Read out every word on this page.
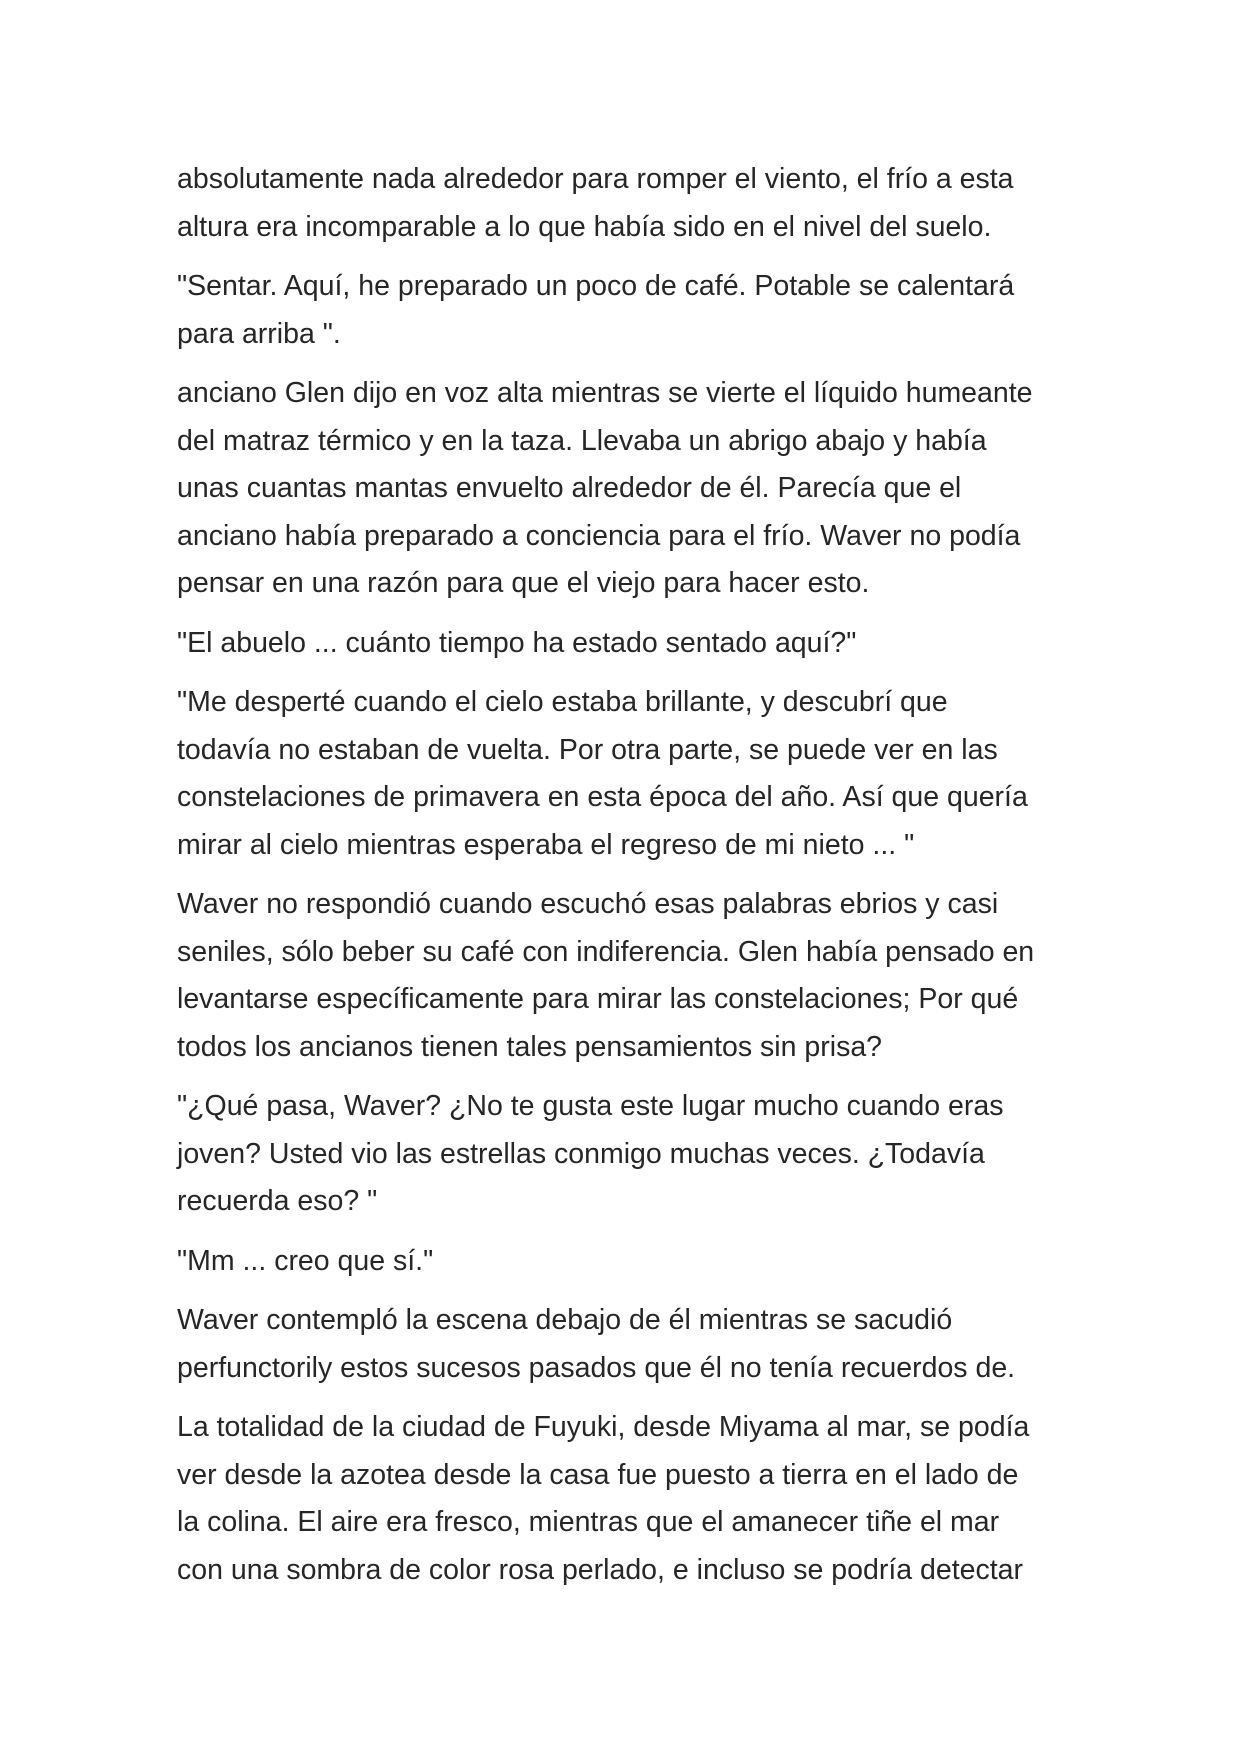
absolutamente nada alrededor para romper el viento, el frío a esta
altura era incomparable a lo que había sido en el nivel del suelo.

"Sentar. Aquí, he preparado un poco de café. Potable se calentará
para arriba ".

anciano Glen dijo en voz alta mientras se vierte el líquido humeante
del matraz térmico y en la taza. Llevaba un abrigo abajo y había
unas cuantas mantas envuelto alrededor de él. Parecía que el
anciano había preparado a conciencia para el frío. Waver no podía
pensar en una razón para que el viejo para hacer esto.

"El abuelo ... cuánto tiempo ha estado sentado aquí?"

"Me desperté cuando el cielo estaba brillante, y descubrí que
todavía no estaban de vuelta. Por otra parte, se puede ver en las
constelaciones de primavera en esta época del año. Así que quería
mirar al cielo mientras esperaba el regreso de mi nieto ... "

Waver no respondió cuando escuchó esas palabras ebrios y casi
seniles, sólo beber su café con indiferencia. Glen había pensado en
levantarse específicamente para mirar las constelaciones; Por qué
todos los ancianos tienen tales pensamientos sin prisa?

"¿Qué pasa, Waver? ¿No te gusta este lugar mucho cuando eras
joven? Usted vio las estrellas conmigo muchas veces. ¿Todavía
recuerda eso? "

"Mm ... creo que sí."

Waver contempló la escena debajo de él mientras se sacudió
perfunctorily estos sucesos pasados que él no tenía recuerdos de.

La totalidad de la ciudad de Fuyuki, desde Miyama al mar, se podía
ver desde la azotea desde la casa fue puesto a tierra en el lado de
la colina. El aire era fresco, mientras que el amanecer tiñe el mar
con una sombra de color rosa perlado, e incluso se podría detectar
